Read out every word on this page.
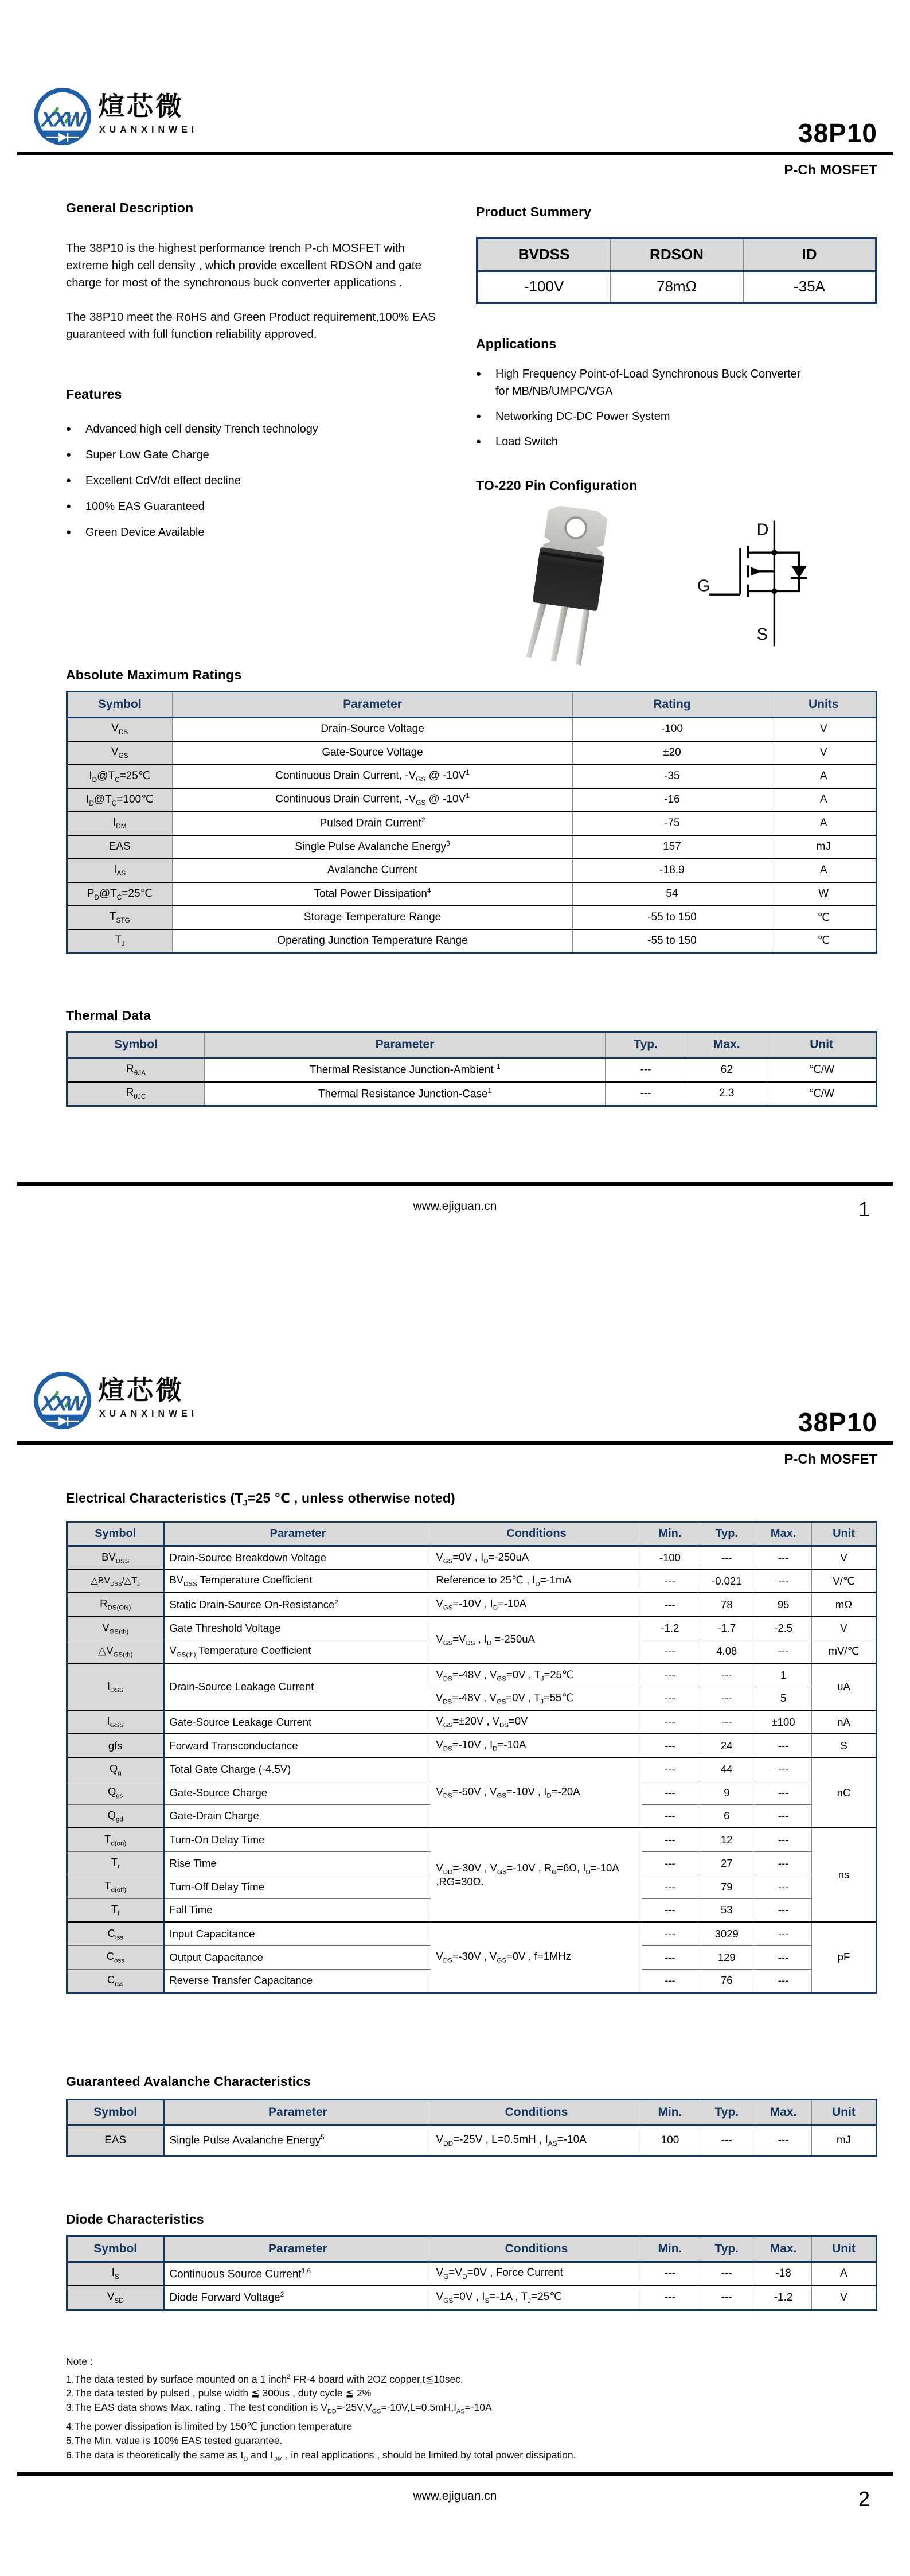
XXW 煊芯微
XUANXINWEI	38P10
P-Ch MOSFET
General Description

The 38P10 is the highest performance trench P-ch MOSFET with extreme high cell density , which provide excellent RDSON and gate charge for most of the synchronous buck converter applications .

The 38P10 meet the RoHS and Green Product requirement,100% EAS guaranteed with full function reliability approved.

Features
●	Advanced high cell density Trench technology
●	Super Low Gate Charge
●	Excellent CdV/dt effect decline
●	100% EAS Guaranteed
●	Green Device Available
Product Summery
BVDSS	RDSON	ID
-100V	78mΩ	-35A
Applications
●	High Frequency Point-of-Load Synchronous Buck Converter for MB/NB/UMPC/VGA
●	Networking DC-DC Power System
●	Load Switch
TO-220 Pin Configuration
D
G
S
Absolute Maximum Ratings
Symbol	Parameter	Rating	Units
$V_{DS}$	Drain-Source Voltage	-100	V
$V_{GS}$	Gate-Source Voltage	±20	V
$I_D@T_C=25℃$	Continuous Drain Current, $-V_{GS}$ @ $-10V^1$	-35	A
$I_D@T_C=100℃$	Continuous Drain Current, $-V_{GS}$ @ $-10V^1$	-16	A
$I_{DM}$	Pulsed Drain Current$^2$	-75	A
EAS	Single Pulse Avalanche Energy$^3$	157	mJ
$I_{AS}$	Avalanche Current	-18.9	A
$P_D@T_C=25℃$	Total Power Dissipation$^4$	54	W
$T_{STG}$	Storage Temperature Range	-55 to 150	℃
$T_J$	Operating Junction Temperature Range	-55 to 150	℃
Thermal Data
Symbol	Parameter	Typ.	Max.	Unit
$R_{\theta JA}$	Thermal Resistance Junction-Ambient $^1$	---	62	℃/W
$R_{\theta JC}$	Thermal Resistance Junction-Case$^1$	---	2.3	℃/W
www.ejiguan.cn	1
XXW 煊芯微
XUANXINWEI	38P10
P-Ch MOSFET
Electrical Characteristics ($T_J=25$ ℃ , unless otherwise noted)
Symbol	Parameter	Conditions	Min.	Typ.	Max.	Unit
$BV_{DSS}$	Drain-Source Breakdown Voltage	$V_{GS}=0V$ , $I_D=-250uA$	-100	---	---	V
$\triangle BV_{DSS}/\triangle T_J$	$BV_{DSS}$ Temperature Coefficient	Reference to 25℃ , $I_D=-1mA$	---	-0.021	---	V/℃
$R_{DS(ON)}$	Static Drain-Source On-Resistance$^2$	$V_{GS}=-10V$ , $I_D=-10A$	---	78	95	mΩ
$V_{GS(th)}$	Gate Threshold Voltage	$V_{GS}=V_{DS}$ , $I_D =-250uA$	-1.2	-1.7	-2.5	V
$\triangle V_{GS(th)}$	$V_{GS(th)}$ Temperature Coefficient		---	4.08	---	mV/℃
$I_{DSS}$	Drain-Source Leakage Current	$V_{DS}=-48V$ , $V_{GS}=0V$ , $T_J=25℃$	---	---	1	uA
		$V_{DS}=-48V$ , $V_{GS}=0V$ , $T_J=55℃$	---	---	5	
$I_{GSS}$	Gate-Source Leakage Current	$V_{GS}=\pm 20V$ , $V_{DS}=0V$	---	---	±100	nA
gfs	Forward Transconductance	$V_{DS}=-10V$ , $I_D=-10A$	---	24	---	S
$Q_g$	Total Gate Charge (-4.5V)	$V_{DS}=-50V$ , $V_{GS}=-10V$ , $I_D=-20A$	---	44	---	nC
$Q_{gs}$	Gate-Source Charge		---	9	---	
$Q_{gd}$	Gate-Drain Charge		---	6	---	
$T_{d(on)}$	Turn-On Delay Time	$V_{DD}=-30V$ , $V_{GS}=-10V$ , $R_G=6\Omega$, $I_D=-10A$ ,RG=30Ω.	---	12	---	ns
$T_r$	Rise Time		---	27	---	
$T_{d(off)}$	Turn-Off Delay Time		---	79	---	
$T_f$	Fall Time		---	53	---	
$C_{iss}$	Input Capacitance	$V_{DS}=-30V$ , $V_{GS}=0V$ , f=1MHz	---	3029	---	pF
$C_{oss}$	Output Capacitance		---	129	---	
$C_{rss}$	Reverse Transfer Capacitance		---	76	---	
Guaranteed Avalanche Characteristics
Symbol	Parameter	Conditions	Min.	Typ.	Max.	Unit
EAS	Single Pulse Avalanche Energy$^5$	$V_{DD}=-25V$ , L=0.5mH , $I_{AS}=-10A$	100	---	---	mJ
Diode Characteristics
Symbol	Parameter	Conditions	Min.	Typ.	Max.	Unit
$I_S$	Continuous Source Current$^{1,6}$	$V_G=V_D=0V$ , Force Current	---	---	-18	A
$V_{SD}$	Diode Forward Voltage$^2$	$V_{GS}=0V$ , $I_S=-1A$ , $T_J=25℃$	---	---	-1.2	V
Note :
1.The data tested by surface mounted on a 1 inch$^2$ FR-4 board with 2OZ copper,t≦10sec.
2.The data tested by pulsed , pulse width ≦ 300us , duty cycle ≦ 2%
3.The EAS data shows Max. rating . The test condition is $V_{DD}=-25V,V_{GS}=-10V,L=0.5mH,I_{AS}=-10A$
4.The power dissipation is limited by 150℃ junction temperature
5.The Min. value is 100% EAS tested guarantee.
6.The data is theoretically the same as $I_D$ and $I_{DM}$ , in real applications , should be limited by total power dissipation.
www.ejiguan.cn	2
